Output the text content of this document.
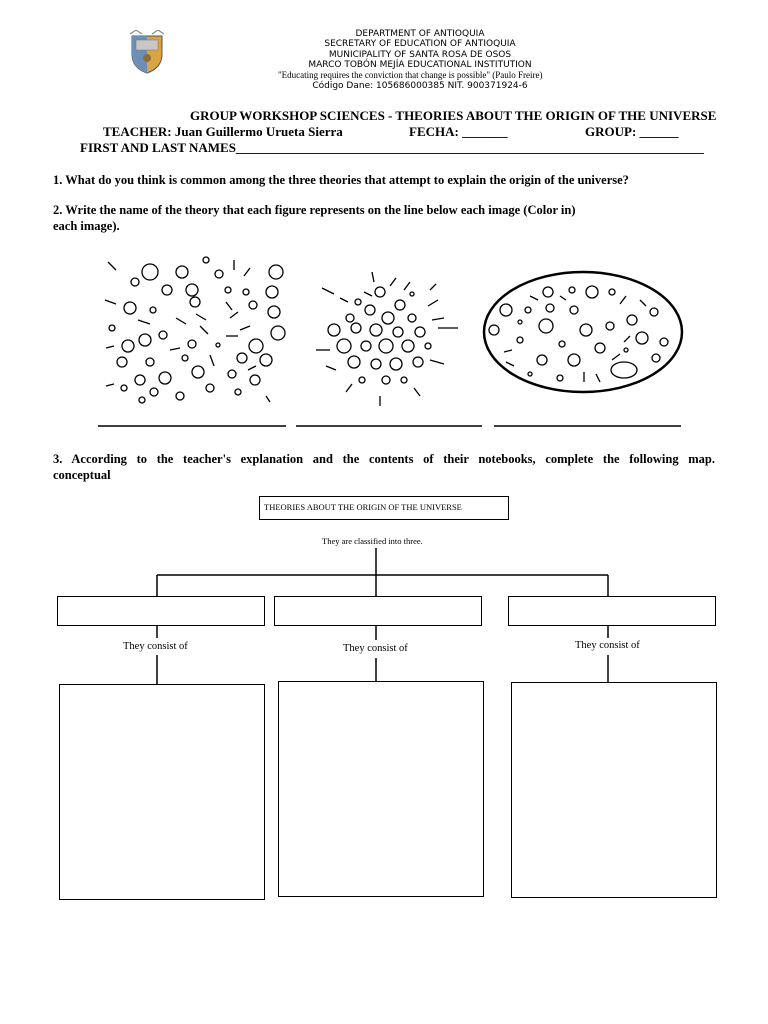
DEPARTMENT OF ANTIOQUIA
SECRETARY OF EDUCATION OF ANTIOQUIA
MUNICIPALITY OF SANTA ROSA DE OSOS
MARCO TOBÓN MEJÍA EDUCATIONAL INSTITUTION
"Educating requires the conviction that change is possible" (Paulo Freire)
Código Dane: 105686000385 NIT. 900371924-6
GROUP WORKSHOP SCIENCES - THEORIES ABOUT THE ORIGIN OF THE UNIVERSE
TEACHER: Juan Guillermo Urueta Sierra	FECHA: _______	GROUP: ______
FIRST AND LAST NAMES________________________________________________________________________
1. What do you think is common among the three theories that attempt to explain the origin of the universe?
2. Write the name of the theory that each figure represents on the line below each image (Color in)
each image).
3. According to the teacher's explanation and the contents of their notebooks, complete the following map.
conceptual
THEORIES ABOUT THE ORIGIN OF THE UNIVERSE
They are classified into three.
They consist of	They consist of	They consist of
